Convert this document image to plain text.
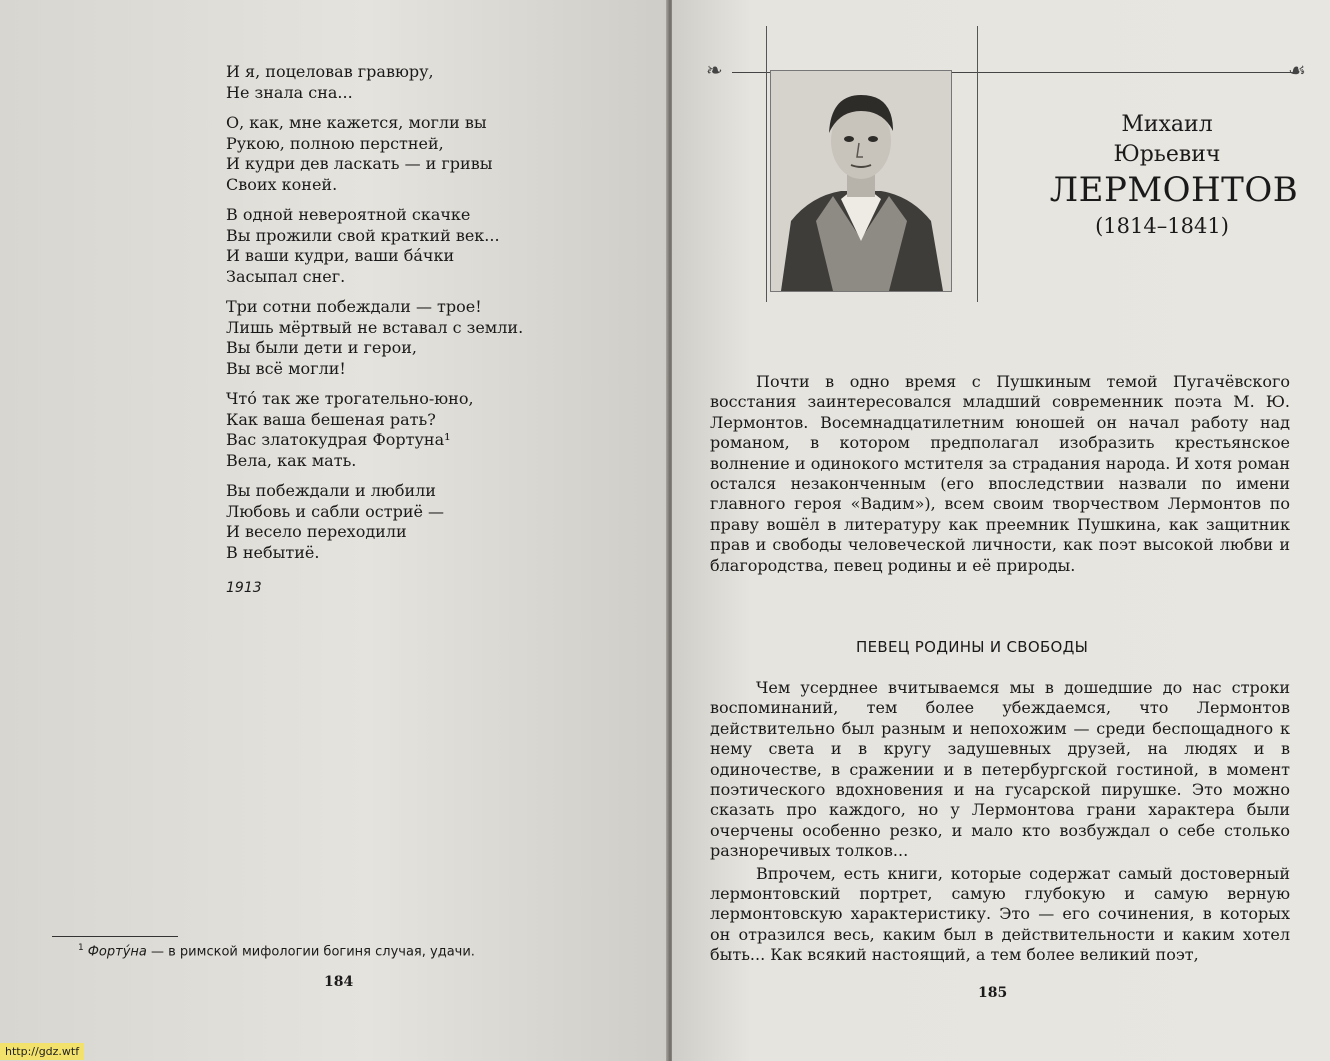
И я, поцеловав гравюру,
Не знала сна...
О, как, мне кажется, могли вы
Рукою, полною перстней,
И кудри дев ласкать — и гривы
Своих коней.
В одной невероятной скачке
Вы прожили свой краткий век...
И ваши кудри, ваши ба́чки
Засыпал снег.
Три сотни побеждали — трое!
Лишь мёртвый не вставал с земли.
Вы были дети и герои,
Вы всё могли!
Что́ так же трогательно-юно,
Как ваша бешеная рать?
Вас златокудрая Фортуна¹
Вела, как мать.
Вы побеждали и любили
Любовь и сабли остриё —
И весело переходили
В небытиё.
1913
$^1$ Форту́на — в римской мифологии богиня случая, удачи.
184
❧	☙
Михаил
Юрьевич
ЛЕРМОНТОВ
(1814–1841)

Почти в одно время с Пушкиным темой Пугачёвского восстания заинтересовался младший современник поэта М. Ю. Лермонтов. Восемнадцатилетним юношей он начал работу над романом, в котором предполагал изобразить крестьянское волнение и одинокого мстителя за страдания народа. И хотя роман остался незаконченным (его впоследствии назвали по имени главного героя «Вадим»), всем своим творчеством Лермонтов по праву вошёл в литературу как преемник Пушкина, как защитник прав и свободы человеческой личности, как поэт высокой любви и благородства, певец родины и её природы.

ПЕВЕЦ РОДИНЫ И СВОБОДЫ

Чем усерднее вчитываемся мы в дошедшие до нас строки воспоминаний, тем более убеждаемся, что Лермонтов действительно был разным и непохожим — среди беспощадного к нему света и в кругу задушевных друзей, на людях и в одиночестве, в сражении и в петербургской гостиной, в момент поэтического вдохновения и на гусарской пирушке. Это можно сказать про каждого, но у Лермонтова грани характера были очерчены особенно резко, и мало кто возбуждал о себе столько разноречивых толков...

Впрочем, есть книги, которые содержат самый достоверный лермонтовский портрет, самую глубокую и самую верную лермонтовскую характеристику. Это — его сочинения, в которых он отразился весь, каким был в действительности и каким хотел быть... Как всякий настоящий, а тем более великий поэт,

185
http://gdz.wtf
